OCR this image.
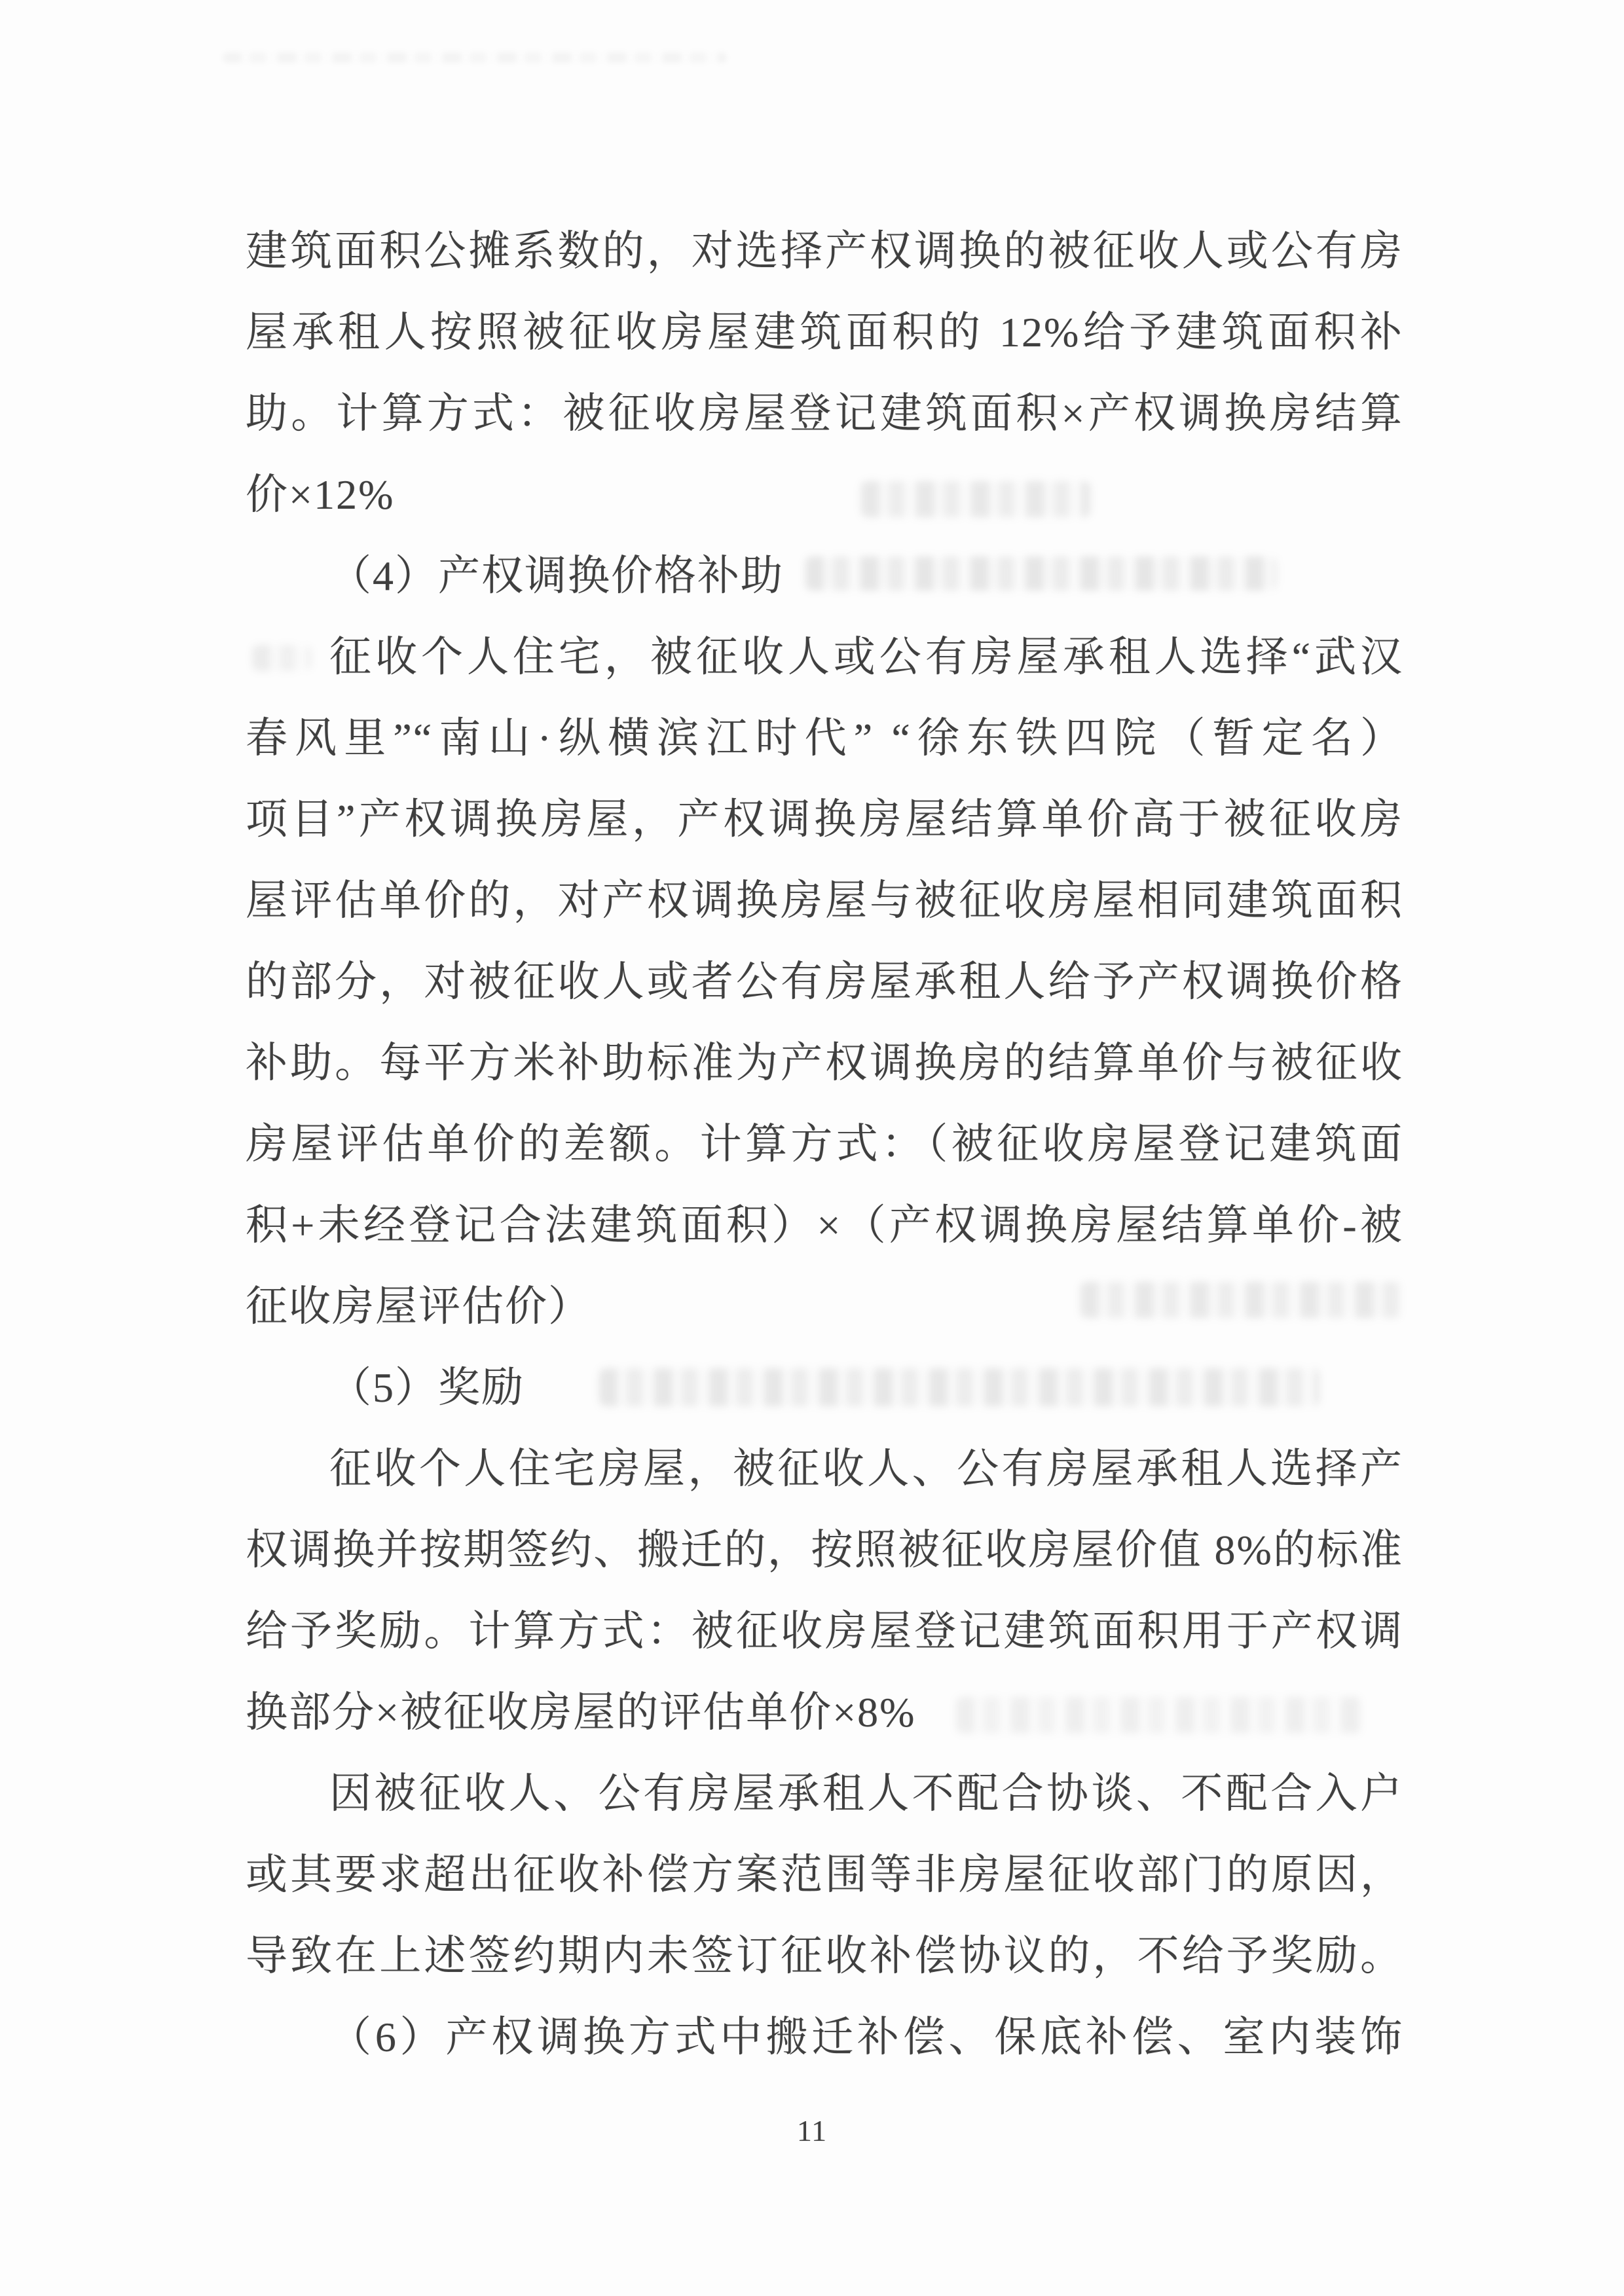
建筑面积公摊系数的，对选择产权调换的被征收人或公有房
屋承租人按照被征收房屋建筑面积的 12%给予建筑面积补
助。计算方式：被征收房屋登记建筑面积×产权调换房结算
价×12%
（4）产权调换价格补助
征收个人住宅，被征收人或公有房屋承租人选择“武汉
春风里”“南山·纵横滨江时代” “徐东铁四院（暂定名）
项目”产权调换房屋，产权调换房屋结算单价高于被征收房
屋评估单价的，对产权调换房屋与被征收房屋相同建筑面积
的部分，对被征收人或者公有房屋承租人给予产权调换价格
补助。每平方米补助标准为产权调换房的结算单价与被征收
房屋评估单价的差额。计算方式：（被征收房屋登记建筑面
积+未经登记合法建筑面积）×（产权调换房屋结算单价-被
征收房屋评估价）
（5）奖励
征收个人住宅房屋，被征收人、公有房屋承租人选择产
权调换并按期签约、搬迁的，按照被征收房屋价值 8%的标准
给予奖励。计算方式：被征收房屋登记建筑面积用于产权调
换部分×被征收房屋的评估单价×8%
因被征收人、公有房屋承租人不配合协谈、不配合入户
或其要求超出征收补偿方案范围等非房屋征收部门的原因，
导致在上述签约期内未签订征收补偿协议的，不给予奖励。
（6）产权调换方式中搬迁补偿、保底补偿、室内装饰
11
